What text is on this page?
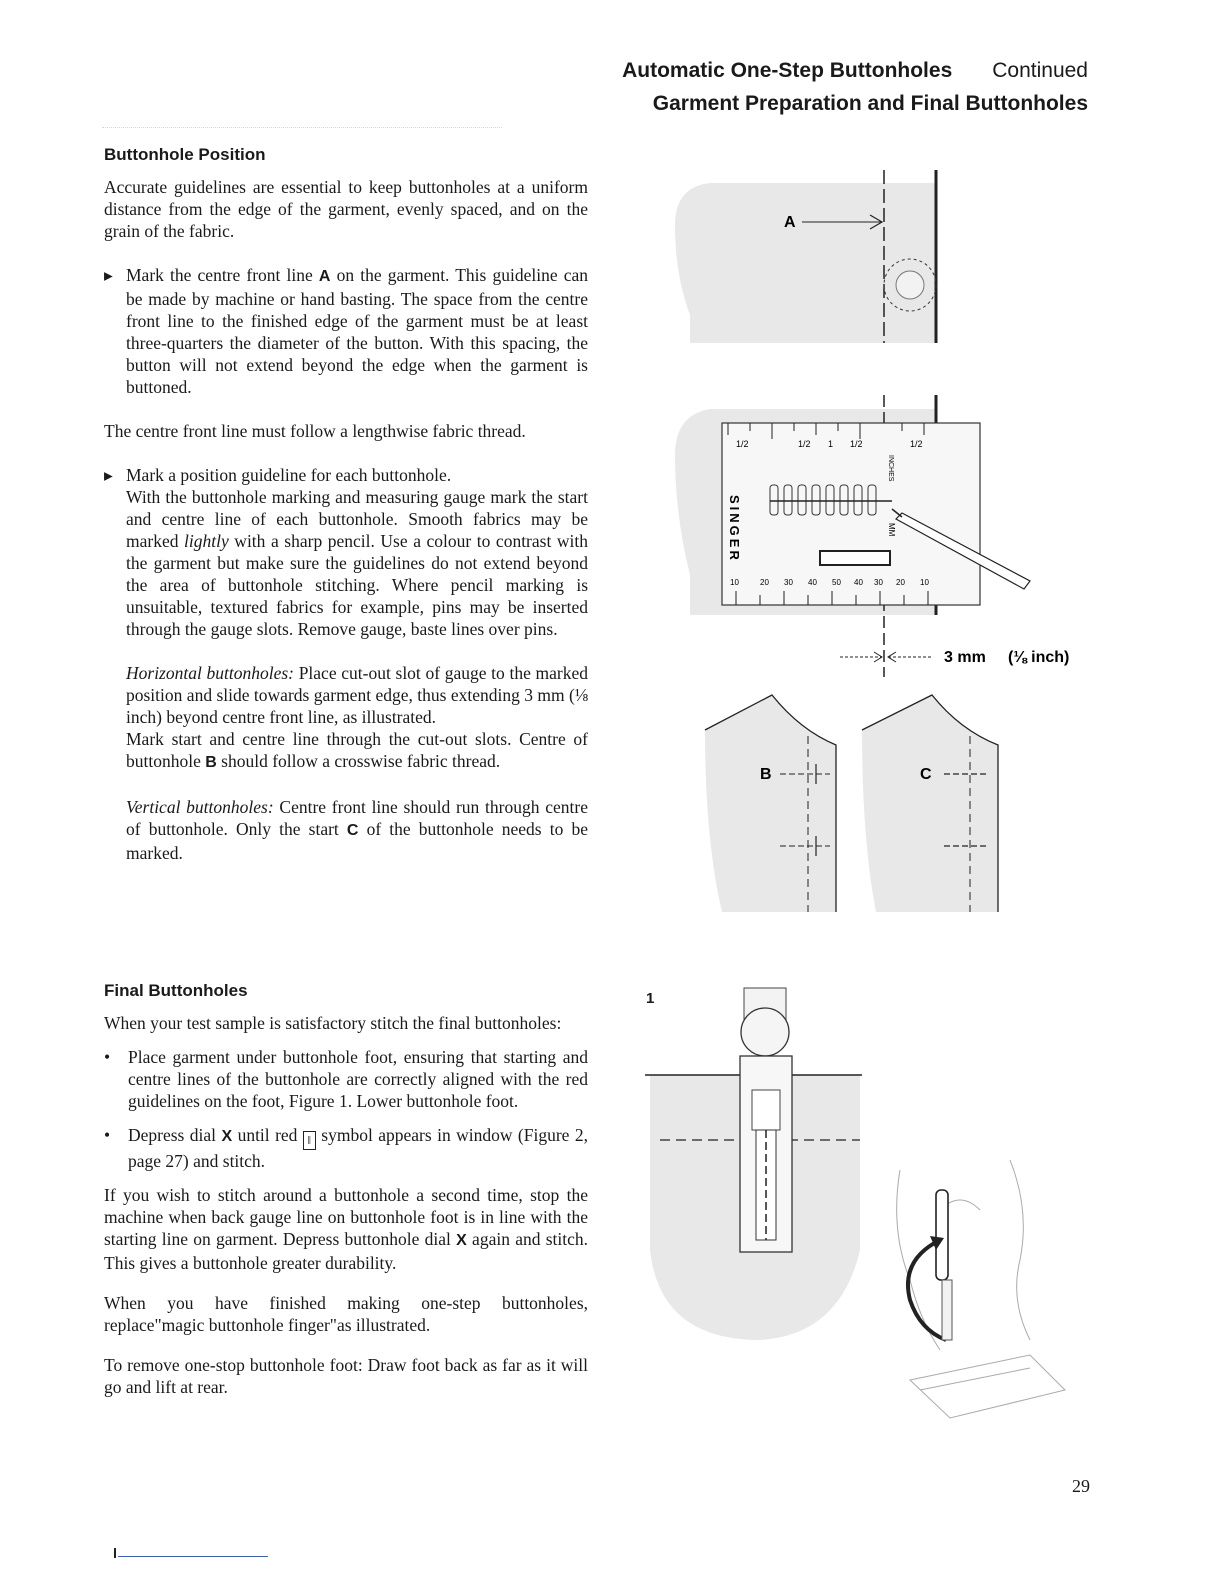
Automatic One-Step Buttonholes Continued
Garment Preparation and Final Buttonholes
Buttonhole Position

Accurate guidelines are essential to keep buttonholes at a uniform distance from the edge of the garment, evenly spaced, and on the grain of the fabric.

▸ Mark the centre front line A on the garment. This guideline can be made by machine or hand basting. The space from the centre front line to the finished edge of the garment must be at least three-quarters the diameter of the button. With this spacing, the button will not extend beyond the edge when the garment is buttoned.

The centre front line must follow a lengthwise fabric thread.

▸ Mark a position guideline for each buttonhole.

With the buttonhole marking and measuring gauge mark the start and centre line of each buttonhole. Smooth fabrics may be marked lightly with a sharp pencil. Use a colour to contrast with the garment but make sure the guidelines do not extend beyond the area of buttonhole stitching. Where pencil marking is unsuitable, textured fabrics for example, pins may be inserted through the gauge slots. Remove gauge, baste lines over pins.

Horizontal buttonholes: Place cut-out slot of gauge to the marked position and slide towards garment edge, thus extending 3 mm (⅛ inch) beyond centre front line, as illustrated.

Mark start and centre line through the cut-out slots. Centre of buttonhole B should follow a crosswise fabric thread.

Vertical buttonholes: Centre front line should run through centre of buttonhole. Only the start C of the buttonhole needs to be marked.

Final Buttonholes

When your test sample is satisfactory stitch the final buttonholes:

• Place garment under buttonhole foot, ensuring that starting and centre lines of the buttonhole are correctly aligned with the red guidelines on the foot, Figure 1. Lower buttonhole foot.

• Depress dial X until red ‖ symbol appears in window (Figure 2, page 27) and stitch.

If you wish to stitch around a buttonhole a second time, stop the machine when back gauge line on buttonhole foot is in line with the starting line on garment. Depress buttonhole dial X again and stitch. This gives a buttonhole greater durability.

When you have finished making one-step buttonholes, replace"magic buttonhole finger"as illustrated.

To remove one-stop buttonhole foot: Draw foot back as far as it will go and lift at rear.

A
1/2	1/2 1 1/2	1/2
SINGER
INCHES
MM
10	20 30 40 50 40 30 20 10
3 mm (⅛ inch)
B	C
1
29
